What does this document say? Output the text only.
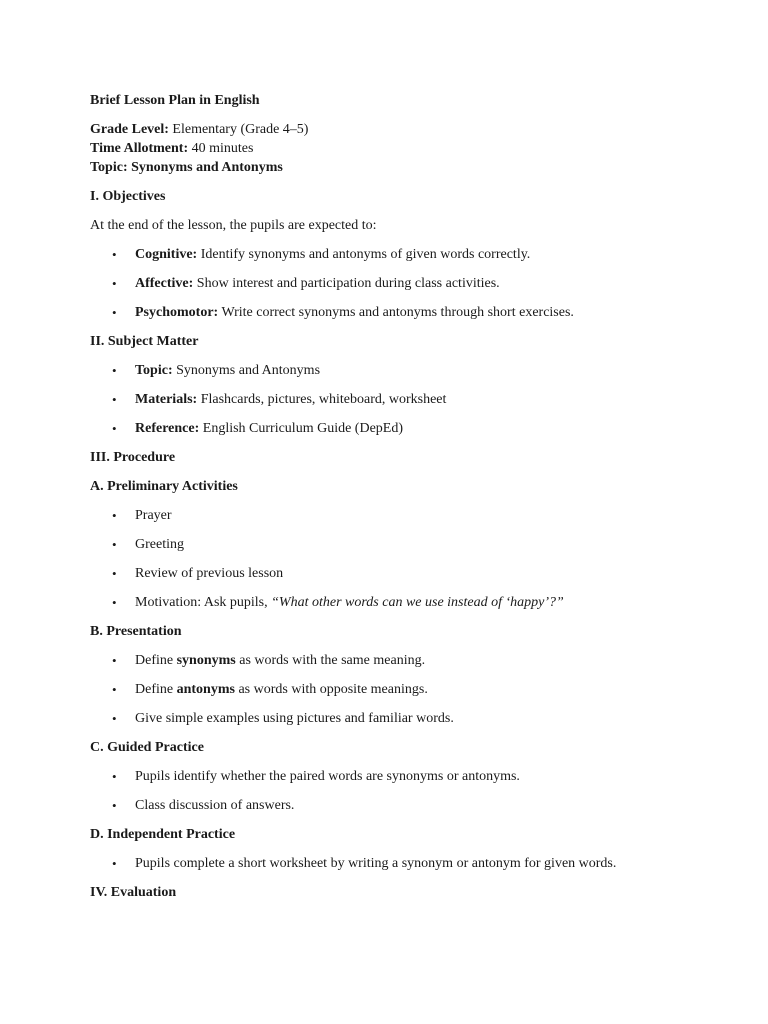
Brief Lesson Plan in English
Grade Level: Elementary (Grade 4–5)
Time Allotment: 40 minutes
Topic: Synonyms and Antonyms
I. Objectives
At the end of the lesson, the pupils are expected to:
• Cognitive: Identify synonyms and antonyms of given words correctly.
• Affective: Show interest and participation during class activities.
• Psychomotor: Write correct synonyms and antonyms through short exercises.
II. Subject Matter
• Topic: Synonyms and Antonyms
• Materials: Flashcards, pictures, whiteboard, worksheet
• Reference: English Curriculum Guide (DepEd)
III. Procedure
A. Preliminary Activities
• Prayer
• Greeting
• Review of previous lesson
• Motivation: Ask pupils, “What other words can we use instead of ‘happy’?”
B. Presentation
• Define synonyms as words with the same meaning.
• Define antonyms as words with opposite meanings.
• Give simple examples using pictures and familiar words.
C. Guided Practice
• Pupils identify whether the paired words are synonyms or antonyms.
• Class discussion of answers.
D. Independent Practice
• Pupils complete a short worksheet by writing a synonym or antonym for given words.
IV. Evaluation
